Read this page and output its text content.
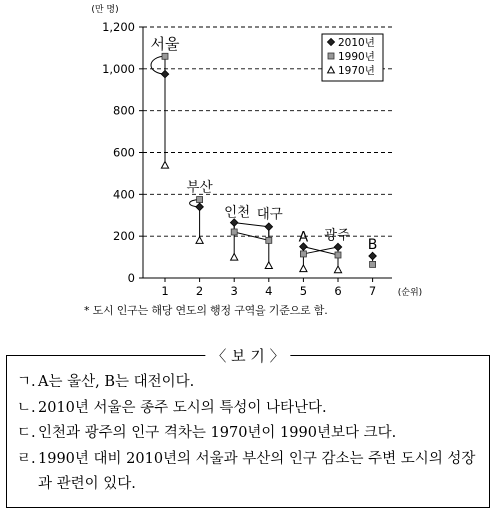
(만 명)
0
200
400
600
800
1,000
1,200
1 2 3 4 5 6 7 (순위)
서울
부산
인천 대구
A 광주
B
2010년
1990년
1970년
* 도시 인구는 해당 연도의 행정 구역을 기준으로 함.
〈 보 기 〉
ㄱ. A는 울산, B는 대전이다.
ㄴ. 2010년 서울은 종주 도시의 특성이 나타난다.
ㄷ. 인천과 광주의 인구 격차는 1970년이 1990년보다 크다.
ㄹ. 1990년 대비 2010년의 서울과 부산의 인구 감소는 주변 도시의 성장과 관련이 있다.
